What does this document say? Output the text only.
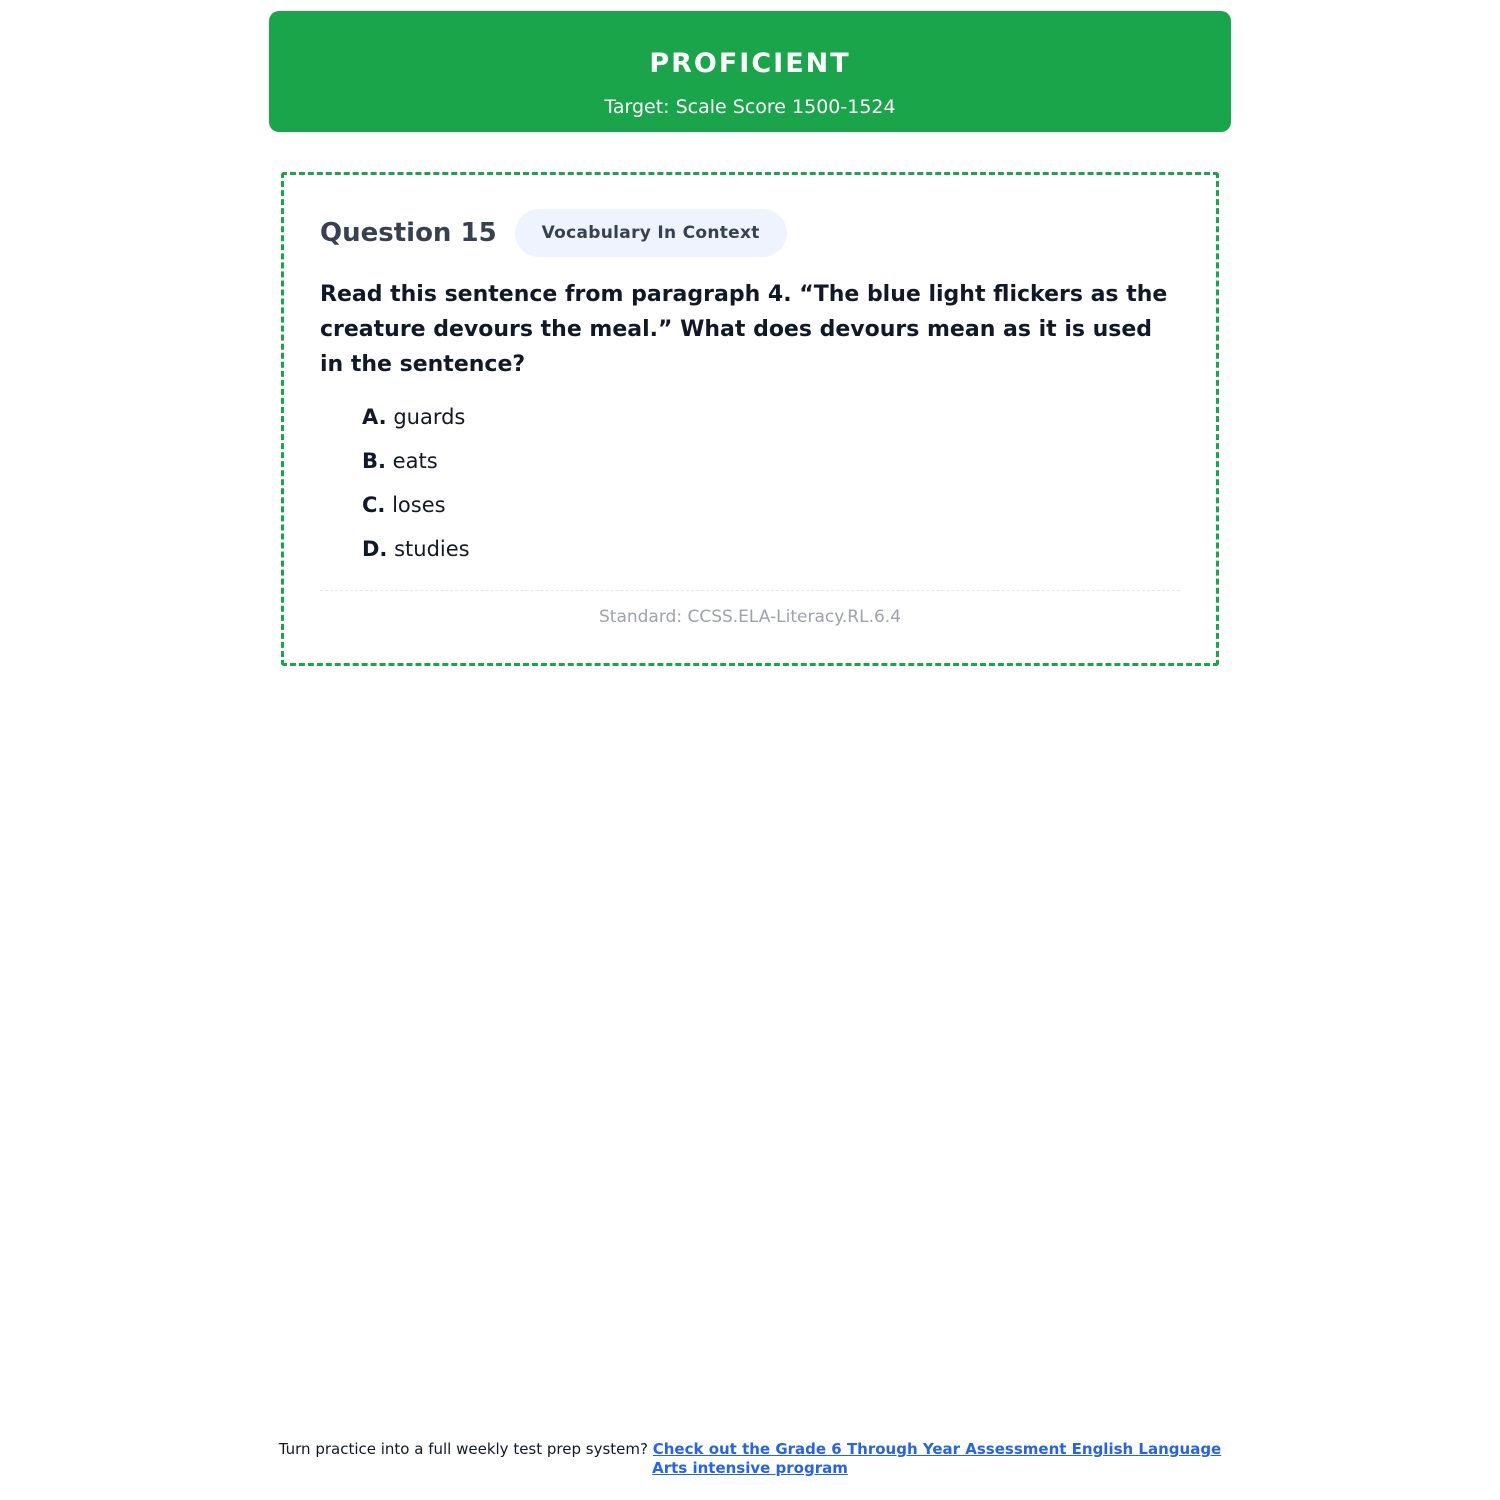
PROFICIENT
Target: Scale Score 1500-1524
Question 15	Vocabulary In Context
Read this sentence from paragraph 4. “The blue light flickers as the creature devours the meal.” What does devours mean as it is used in the sentence?
A. guards
B. eats
C. loses
D. studies
Standard: CCSS.ELA-Literacy.RL.6.4
Turn practice into a full weekly test prep system? Check out the Grade 6 Through Year Assessment English Language Arts intensive program
